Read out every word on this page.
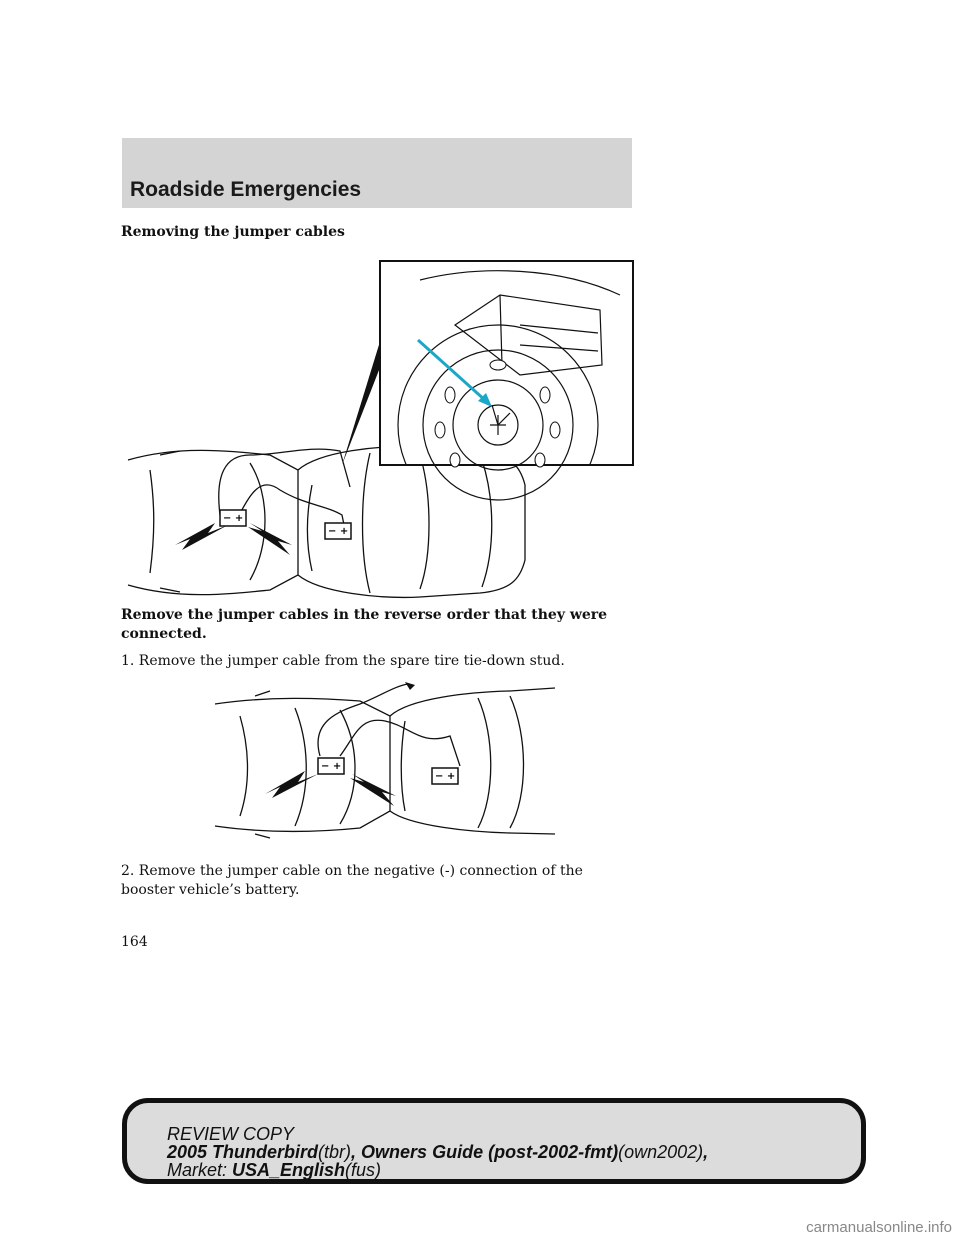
Roadside Emergencies
Removing the jumper cables
− +
− +

Remove the jumper cables in the reverse order that they were
connected.

1. Remove the jumper cable from the spare tire tie-down stud.

− +
− +

2. Remove the jumper cable on the negative (-) connection of the
booster vehicle’s battery.

164
REVIEW COPY
2005 Thunderbird(tbr), Owners Guide (post-2002-fmt)(own2002),
Market: USA_English(fus)
carmanualsonline.info
